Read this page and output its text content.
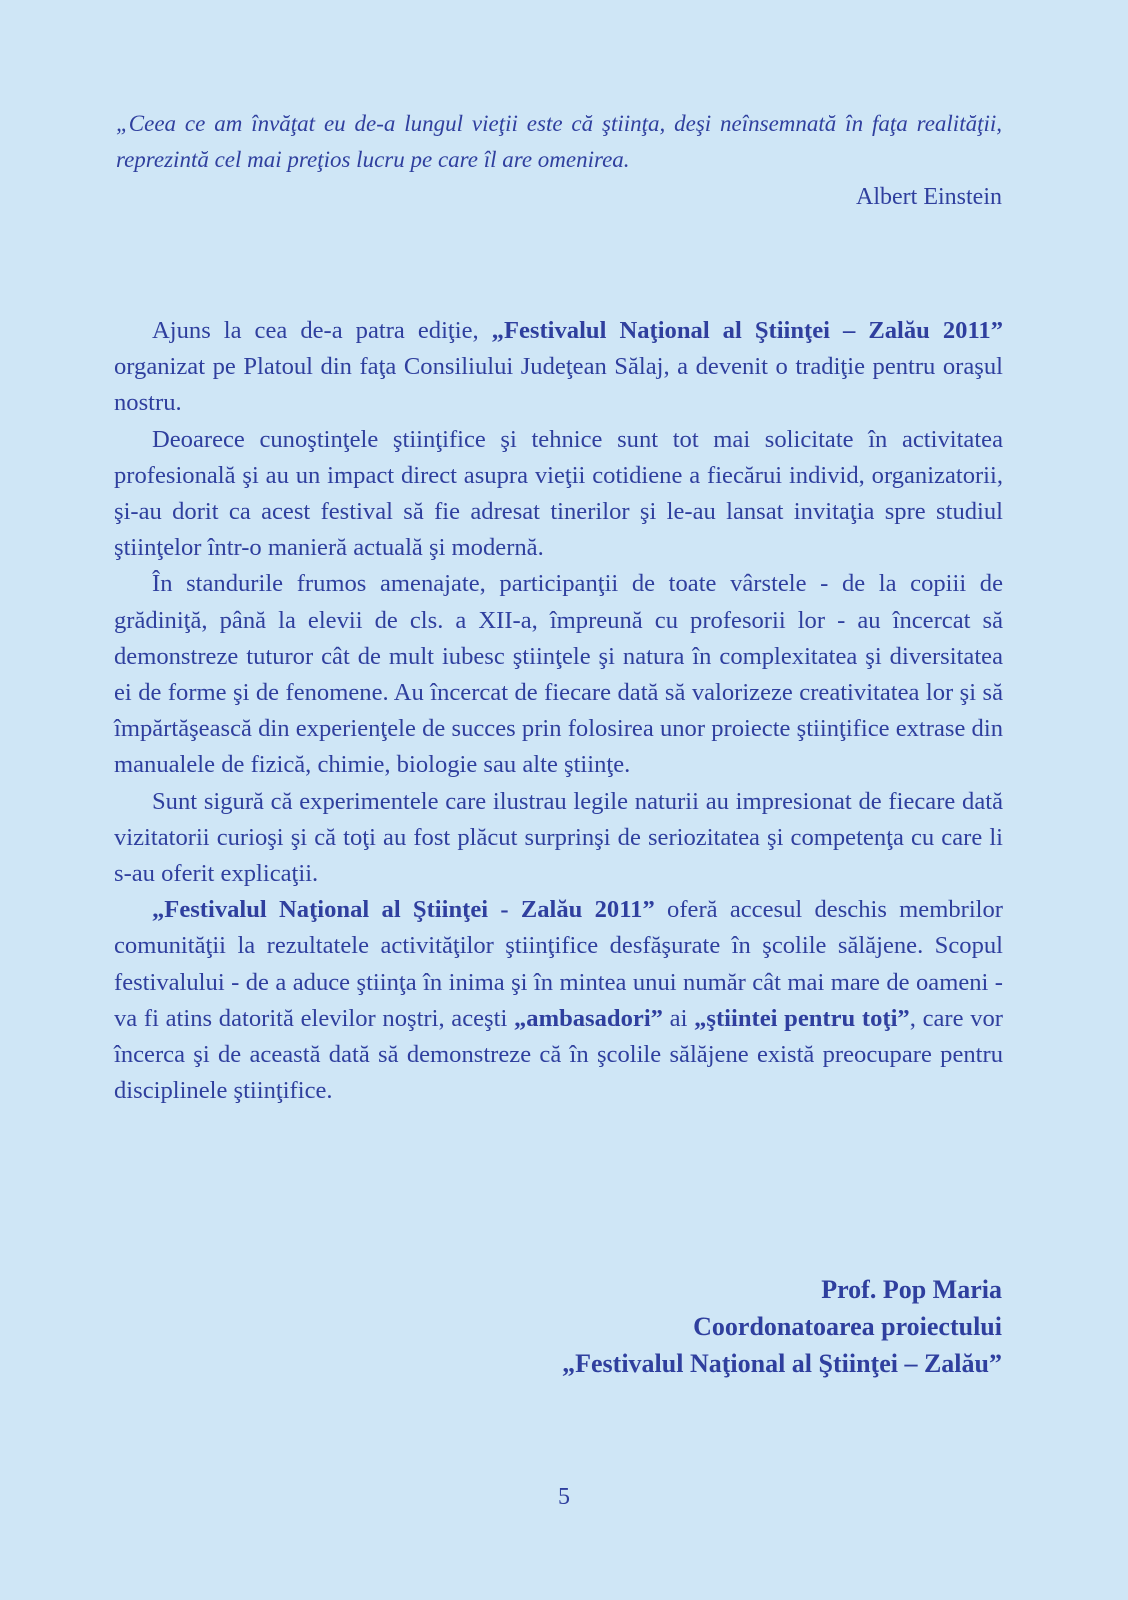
„Ceea ce am învăţat eu de-a lungul vieţii este că ştiinţa, deşi neînsemnată în faţa realităţii, reprezintă cel mai preţios lucru pe care îl are omenirea.

Albert Einstein

Ajuns la cea de-a patra ediţie, „Festivalul Naţional al Ştiinţei – Zalău 2011” organizat pe Platoul din faţa Consiliului Judeţean Sălaj, a devenit o tradiţie pentru oraşul nostru.

Deoarece cunoştinţele ştiinţifice şi tehnice sunt tot mai solicitate în activitatea profesională şi au un impact direct asupra vieţii cotidiene a fiecărui individ, organizatorii, şi-au dorit ca acest festival să fie adresat tinerilor şi le-au lansat invitaţia spre studiul ştiinţelor într-o manieră actuală şi modernă.

În standurile frumos amenajate, participanţii de toate vârstele - de la copiii de grădiniţă, până la elevii de cls. a XII-a, împreună cu profesorii lor - au încercat să demonstreze tuturor cât de mult iubesc ştiinţele şi natura în complexitatea şi diversitatea ei de forme şi de fenomene. Au încercat de fiecare dată să valorizeze creativitatea lor şi să împărtăşească din experienţele de succes prin folosirea unor proiecte ştiinţifice extrase din manualele de fizică, chimie, biologie sau alte ştiinţe.

Sunt sigură că experimentele care ilustrau legile naturii au impresionat de fiecare dată vizitatorii curioşi şi că toţi au fost plăcut surprinşi de seriozitatea şi competenţa cu care li s-au oferit explicaţii.

„Festivalul Naţional al Ştiinţei - Zalău 2011” oferă accesul deschis membrilor comunităţii la rezultatele activităţilor ştiinţifice desfăşurate în şcolile sălăjene. Scopul festivalului - de a aduce ştiinţa în inima şi în mintea unui număr cât mai mare de oameni - va fi atins datorită elevilor noştri, aceşti „ambasadori” ai „ştiintei pentru toţi”, care vor încerca şi de această dată să demonstreze că în şcolile sălăjene există preocupare pentru disciplinele ştiinţifice.

Prof. Pop Maria
Coordonatoarea proiectului
„Festivalul Naţional al Ştiinţei – Zalău”
5
